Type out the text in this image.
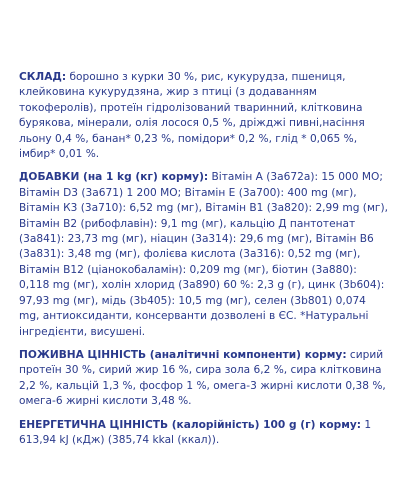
СКЛАД: борошно з курки 30 %, рис, кукурудза, пшениця, клейковина кукурудзяна, жир з птиці (з додаванням токоферолів), протеїн гідролізований тваринний, клітковина бурякова, мінерали, олія лосося 0,5 %, дріжджі пивні,насіння льону 0,4 %, банан* 0,23 %, помідори* 0,2 %, глід * 0,065 %, імбир* 0,01 %.

ДОБАВКИ (на 1 kg (кг) корму): Вітамін А (3а672а): 15 000 МО; Вітамін D3 (3а671) 1 200 МО; Вітамін Е (3а700): 400 mg (мг), Вітамін К3 (3а710): 6,52 mg (мг), Вітамін В1 (3а820): 2,99 mg (мг), Вітамін В2 (рибофлавін): 9,1 mg (мг), кальцію Д пантотенат (3а841): 23,73 mg (мг), ніацин (3а314): 29,6 mg (мг), Вітамін В6 (3а831): 3,48 mg (мг), фолієва кислота (3а316): 0,52 mg (мг), Вітамін В12 (ціанокобаламін): 0,209 mg (мг), біотин (3а880): 0,118 mg (мг), холін хлорид (3а890) 60 %: 2,3 g (г), цинк (3b604): 97,93 mg (мг), мідь (3b405): 10,5 mg (мг), селен (3b801) 0,074 mg, антиоксиданти, консерванти дозволені в ЄС. *Натуральні інгредієнти, висушені.

ПОЖИВНА ЦІННІСТЬ (аналітичні компоненти) корму: сирий протеїн 30 %, сирий жир 16 %, сира зола 6,2 %, сира клітковина 2,2 %, кальцій 1,3 %, фосфор 1 %, омега-3 жирні кислоти 0,38 %, омега-6 жирні кислоти 3,48 %.

ЕНЕРГЕТИЧНА ЦІННІСТЬ (калорійність) 100 g (г) корму: 1 613,94 kJ (кДж) (385,74 kkal (ккал)).
